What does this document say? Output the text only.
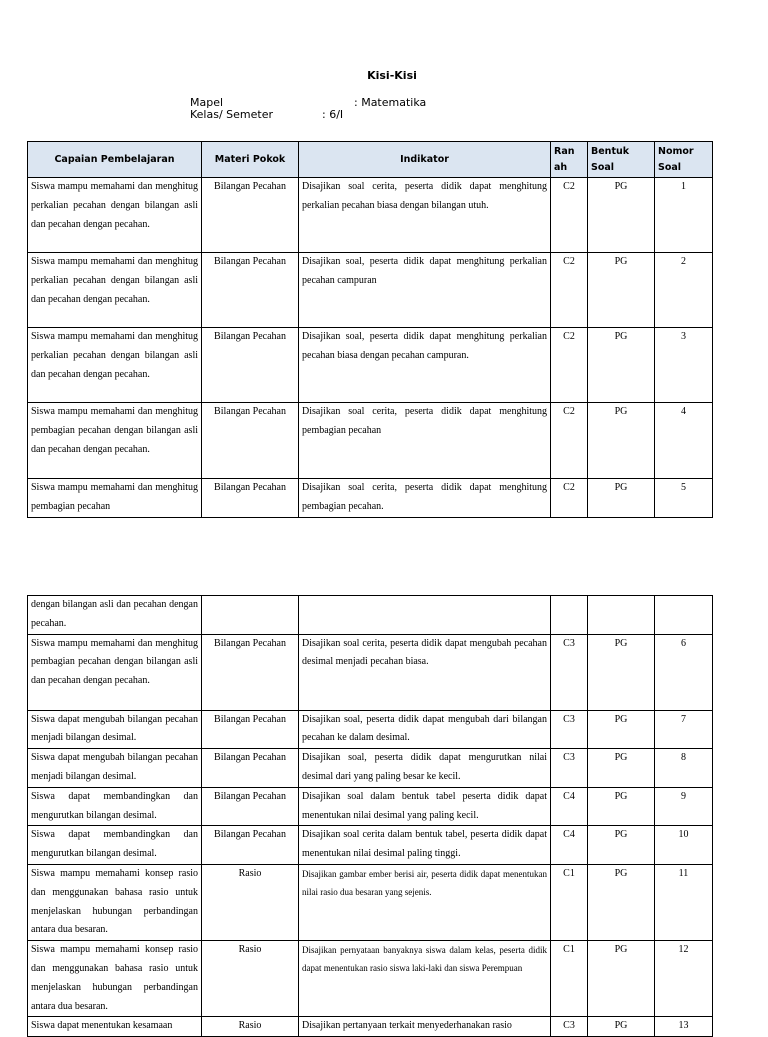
Kisi-Kisi
Mapel	: Matematika
Kelas/ Semeter	: 6/I
Capaian Pembelajaran	Materi Pokok	Indikator	Ran ah	Bentuk Soal	Nomor Soal
Siswa mampu memahami dan menghitug perkalian pecahan dengan bilangan asli dan pecahan dengan pecahan.	Bilangan Pecahan	Disajikan soal cerita, peserta didik dapat menghitung perkalian pecahan biasa dengan bilangan utuh.	C2	PG	1
Siswa mampu memahami dan menghitug perkalian pecahan dengan bilangan asli dan pecahan dengan pecahan.	Bilangan Pecahan	Disajikan soal, peserta didik dapat menghitung perkalian pecahan campuran	C2	PG	2
Siswa mampu memahami dan menghitug perkalian pecahan dengan bilangan asli dan pecahan dengan pecahan.	Bilangan Pecahan	Disajikan soal, peserta didik dapat menghitung perkalian pecahan biasa dengan pecahan campuran.	C2	PG	3
Siswa mampu memahami dan menghitug pembagian pecahan dengan bilangan asli dan pecahan dengan pecahan.	Bilangan Pecahan	Disajikan soal cerita, peserta didik dapat menghitung pembagian pecahan	C2	PG	4
Siswa mampu memahami dan menghitug pembagian pecahan	Bilangan Pecahan	Disajikan soal cerita, peserta didik dapat menghitung pembagian pecahan.	C2	PG	5
dengan bilangan asli dan pecahan dengan pecahan.					
Siswa mampu memahami dan menghitug pembagian pecahan dengan bilangan asli dan pecahan dengan pecahan.	Bilangan Pecahan	Disajikan soal cerita, peserta didik dapat mengubah pecahan desimal menjadi pecahan biasa.	C3	PG	6
Siswa dapat mengubah bilangan pecahan menjadi bilangan desimal.	Bilangan Pecahan	Disajikan soal, peserta didik dapat mengubah dari bilangan pecahan ke dalam desimal.	C3	PG	7
Siswa dapat mengubah bilangan pecahan menjadi bilangan desimal.	Bilangan Pecahan	Disajikan soal, peserta didik dapat mengurutkan nilai desimal dari yang paling besar ke kecil.	C3	PG	8
Siswa dapat membandingkan dan mengurutkan bilangan desimal.	Bilangan Pecahan	Disajikan soal dalam bentuk tabel peserta didik dapat menentukan nilai desimal yang paling kecil.	C4	PG	9
Siswa dapat membandingkan dan mengurutkan bilangan desimal.	Bilangan Pecahan	Disajikan soal cerita dalam bentuk tabel, peserta didik dapat menentukan nilai desimal paling tinggi.	C4	PG	10
Siswa mampu memahami konsep rasio dan menggunakan bahasa rasio untuk menjelaskan hubungan perbandingan antara dua besaran.	Rasio	Disajikan gambar ember berisi air, peserta didik dapat menentukan nilai rasio dua besaran yang sejenis.	C1	PG	11
Siswa mampu memahami konsep rasio dan menggunakan bahasa rasio untuk menjelaskan hubungan perbandingan antara dua besaran.	Rasio	Disajikan pernyataan banyaknya siswa dalam kelas, peserta didik dapat menentukan rasio siswa laki-laki dan siswa Perempuan	C1	PG	12
Siswa dapat menentukan kesamaan	Rasio	Disajikan pertanyaan terkait menyederhanakan rasio	C3	PG	13
